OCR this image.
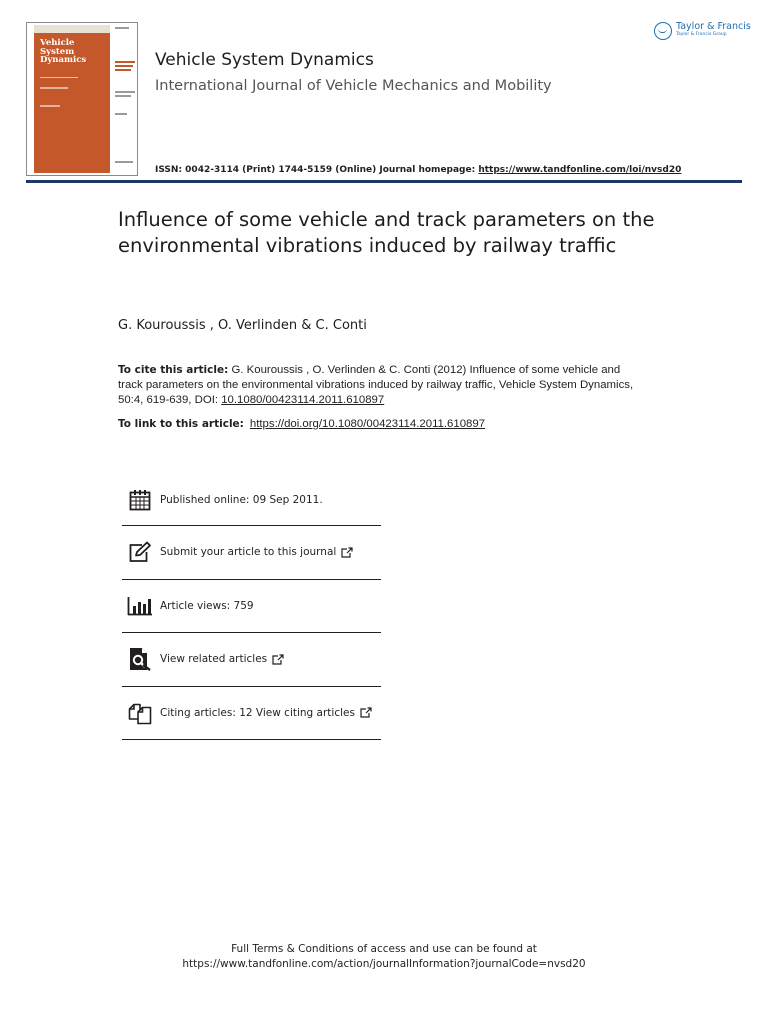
Vehicle
System
Dynamics	Vehicle System Dynamics
International Journal of Vehicle Mechanics and Mobility
ISSN: 0042-3114 (Print) 1744-5159 (Online) Journal homepage: https://www.tandfonline.com/loi/nvsd20
Taylor & Francis
Taylor & Francis Group
Influence of some vehicle and track parameters on the environmental vibrations induced by railway traffic
G. Kouroussis , O. Verlinden & C. Conti
To cite this article: G. Kouroussis , O. Verlinden & C. Conti (2012) Influence of some vehicle and track parameters on the environmental vibrations induced by railway traffic, Vehicle System Dynamics, 50:4, 619-639, DOI: 10.1080/00423114.2011.610897
To link to this article: https://doi.org/10.1080/00423114.2011.610897
Published online: 09 Sep 2011.
Submit your article to this journal
Article views: 759
View related articles
Citing articles: 12 View citing articles
Full Terms & Conditions of access and use can be found at
https://www.tandfonline.com/action/journalInformation?journalCode=nvsd20
